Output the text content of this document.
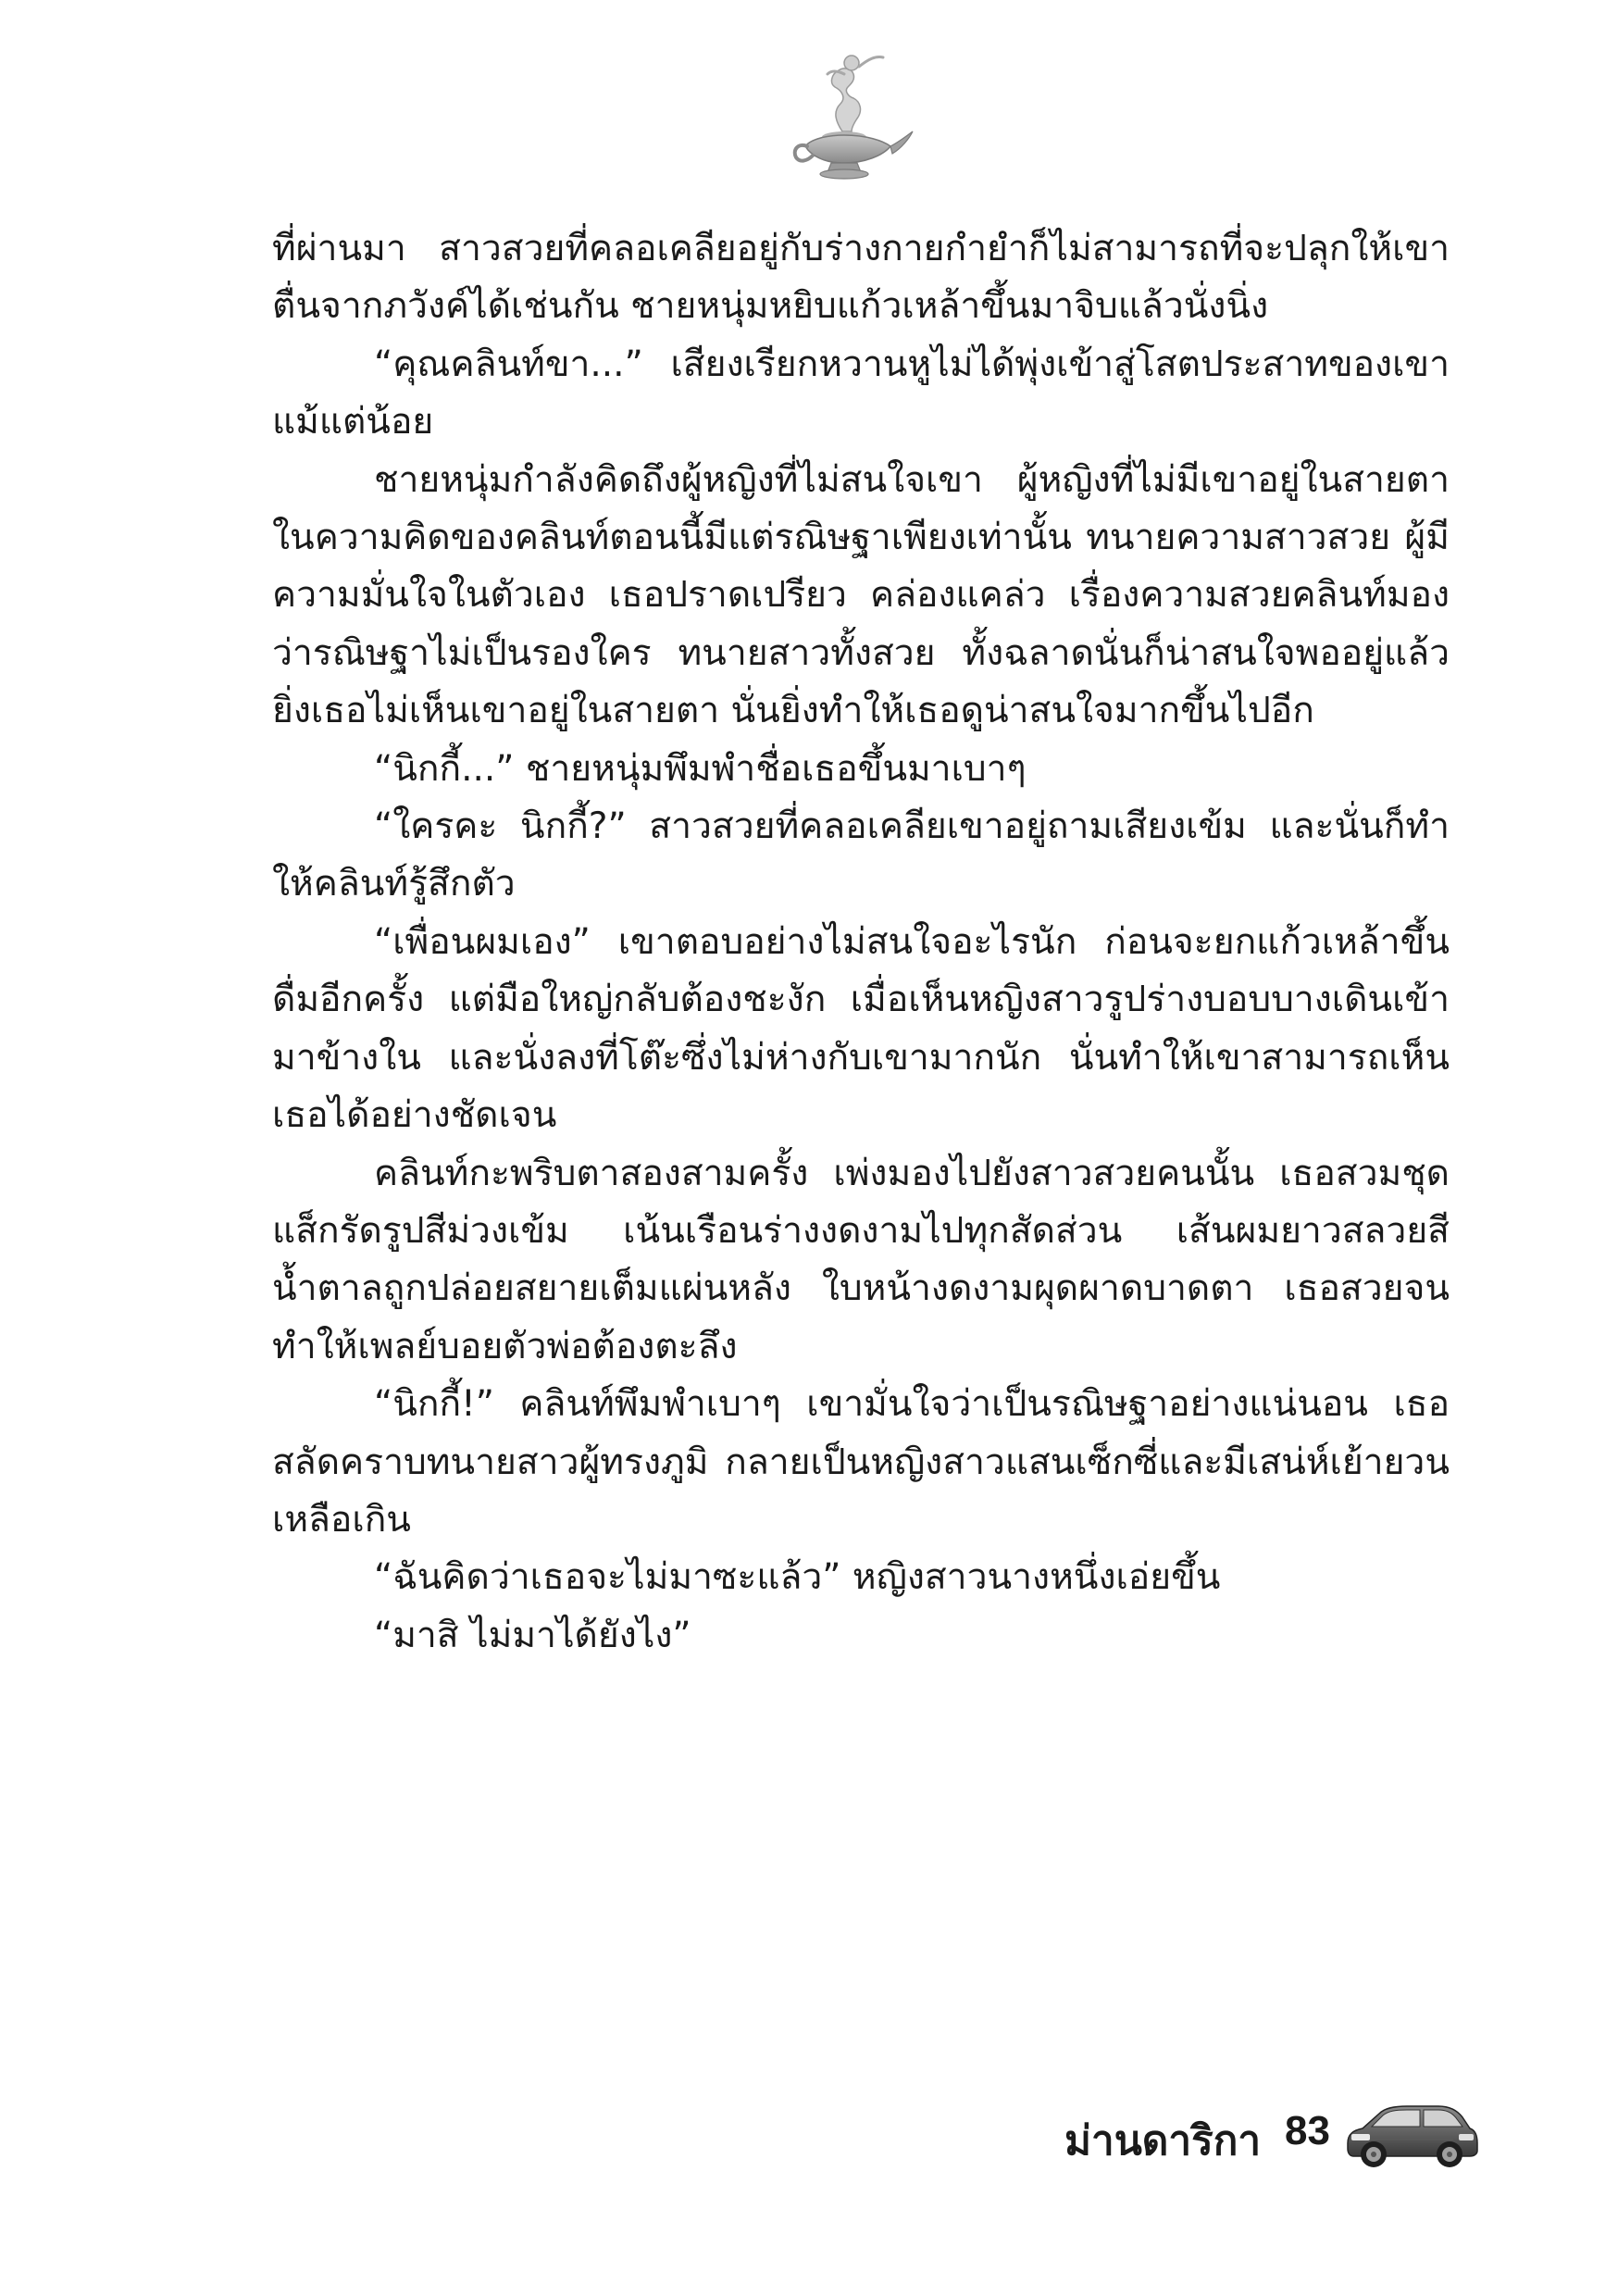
ที่ผ่านมา สาวสวยที่คลอเคลียอยู่กับร่างกายกำยำก็ไม่สามารถที่จะปลุกให้เขาตื่นจากภวังค์ได้เช่นกัน ชายหนุ่มหยิบแก้วเหล้าขึ้นมาจิบแล้วนั่งนิ่ง

“คุณคลินท์ขา...” เสียงเรียกหวานหูไม่ได้พุ่งเข้าสู่โสตประสาทของเขาแม้แต่น้อย

ชายหนุ่มกำลังคิดถึงผู้หญิงที่ไม่สนใจเขา ผู้หญิงที่ไม่มีเขาอยู่ในสายตา ในความคิดของคลินท์ตอนนี้มีแต่รณิษฐาเพียงเท่านั้น ทนายความสาวสวย ผู้มีความมั่นใจในตัวเอง เธอปราดเปรียว คล่องแคล่ว เรื่องความสวยคลินท์มองว่ารณิษฐาไม่เป็นรองใคร ทนายสาวทั้งสวย ทั้งฉลาดนั่นก็น่าสนใจพออยู่แล้ว ยิ่งเธอไม่เห็นเขาอยู่ในสายตา นั่นยิ่งทำให้เธอดูน่าสนใจมากขึ้นไปอีก

“นิกกี้...” ชายหนุ่มพึมพำชื่อเธอขึ้นมาเบาๆ

“ใครคะ นิกกี้?” สาวสวยที่คลอเคลียเขาอยู่ถามเสียงเข้ม และนั่นก็ทำให้คลินท์รู้สึกตัว

“เพื่อนผมเอง” เขาตอบอย่างไม่สนใจอะไรนัก ก่อนจะยกแก้วเหล้าขึ้นดื่มอีกครั้ง แต่มือใหญ่กลับต้องชะงัก เมื่อเห็นหญิงสาวรูปร่างบอบบางเดินเข้ามาข้างใน และนั่งลงที่โต๊ะซึ่งไม่ห่างกับเขามากนัก นั่นทำให้เขาสามารถเห็นเธอได้อย่างชัดเจน

คลินท์กะพริบตาสองสามครั้ง เพ่งมองไปยังสาวสวยคนนั้น เธอสวมชุดแส็กรัดรูปสีม่วงเข้ม เน้นเรือนร่างงดงามไปทุกสัดส่วน เส้นผมยาวสลวยสีน้ำตาลถูกปล่อยสยายเต็มแผ่นหลัง ใบหน้างดงามผุดผาดบาดตา เธอสวยจนทำให้เพลย์บอยตัวพ่อต้องตะลึง

“นิกกี้!” คลินท์พึมพำเบาๆ เขามั่นใจว่าเป็นรณิษฐาอย่างแน่นอน เธอสลัดคราบทนายสาวผู้ทรงภูมิ กลายเป็นหญิงสาวแสนเซ็กซี่และมีเสน่ห์เย้ายวนเหลือเกิน

“ฉันคิดว่าเธอจะไม่มาซะแล้ว” หญิงสาวนางหนึ่งเอ่ยขึ้น

“มาสิ ไม่มาได้ยังไง”

ม่านดาริกา 83
